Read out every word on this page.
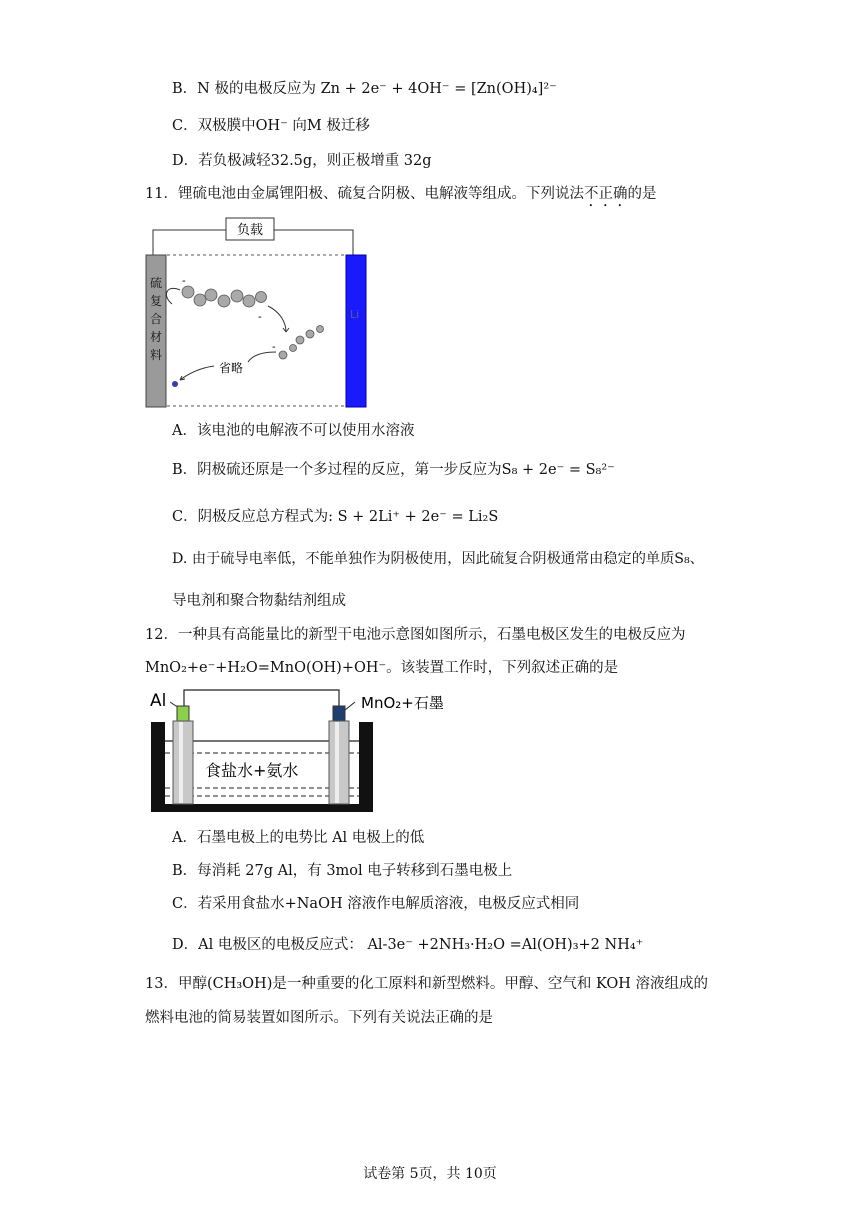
B．N 极的电极反应为 Zn + 2e⁻ + 4OH⁻ = [Zn(OH)₄]²⁻
C．双极膜中OH⁻ 向M 极迁移
D．若负极减轻32.5g，则正极增重 32g
11．锂硫电池由金属锂阳极、硫复合阴极、电解液等组成。下列说法不正确的是
负载
硫复合材料
Li
-
-
-
省略
A．该电池的电解液不可以使用水溶液
B．阴极硫还原是一个多过程的反应，第一步反应为S₈ + 2e⁻ = S₈²⁻
C．阴极反应总方程式为: S + 2Li⁺ + 2e⁻ = Li₂S
D. 由于硫导电率低，不能单独作为阴极使用，因此硫复合阴极通常由稳定的单质S₈、
导电剂和聚合物黏结剂组成
12．一种具有高能量比的新型干电池示意图如图所示，石墨电极区发生的电极反应为
MnO₂+e⁻+H₂O=MnO(OH)+OH⁻。该装置工作时，下列叙述正确的是
Al	MnO₂+石墨
食盐水+氨水
A．石墨电极上的电势比 Al 电极上的低
B．每消耗 27g Al，有 3mol 电子转移到石墨电极上
C．若采用食盐水+NaOH 溶液作电解质溶液，电极反应式相同
D．Al 电极区的电极反应式： Al-3e⁻ +2NH₃·H₂O =Al(OH)₃+2 NH₄⁺
13．甲醇(CH₃OH)是一种重要的化工原料和新型燃料。甲醇、空气和 KOH 溶液组成的
燃料电池的简易装置如图所示。下列有关说法正确的是
试卷第 5页，共 10页
